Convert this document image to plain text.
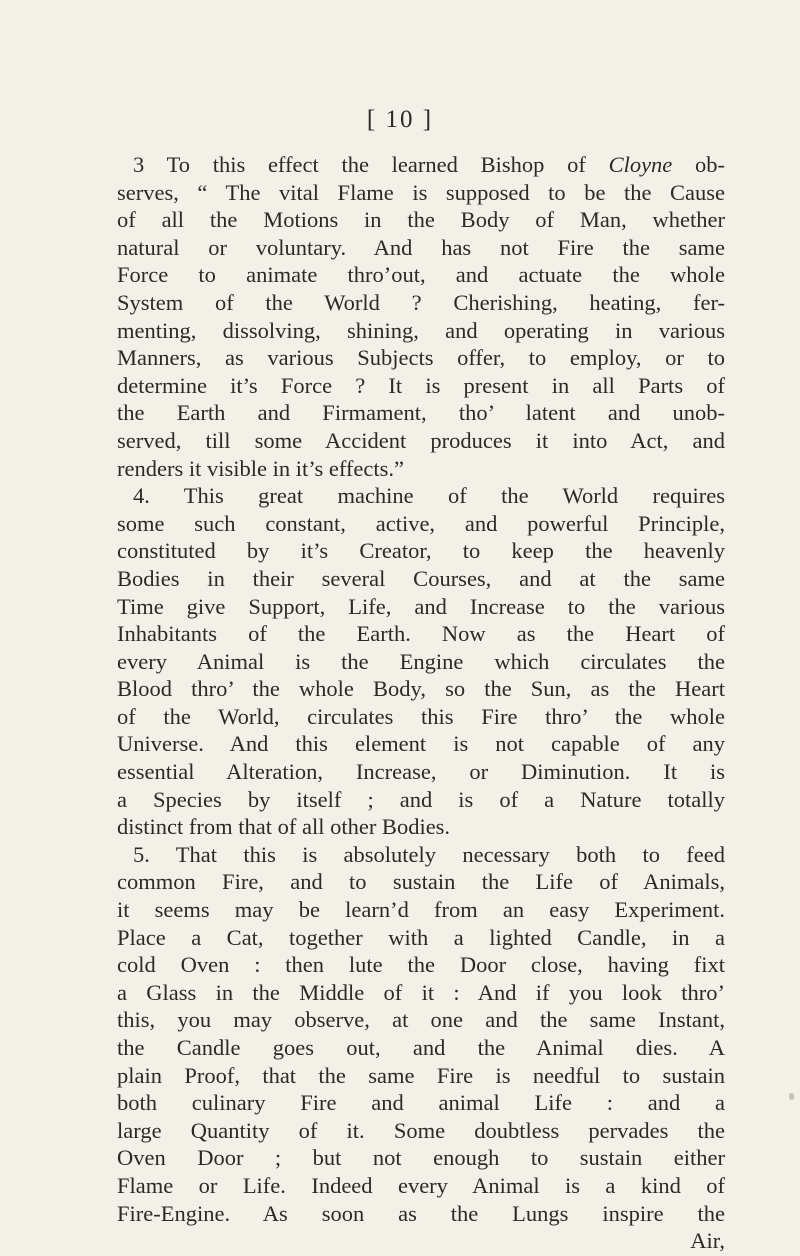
[ 10 ]
3 To this effect the learned Bishop of Cloyne ob-
serves, “ The vital Flame is supposed to be the Cause
of all the Motions in the Body of Man, whether
natural or voluntary. And has not Fire the same
Force to animate thro’out, and actuate the whole
System of the World ? Cherishing, heating, fer-
menting, dissolving, shining, and operating in various
Manners, as various Subjects offer, to employ, or to
determine it’s Force ? It is present in all Parts of
the Earth and Firmament, tho’ latent and unob-
served, till some Accident produces it into Act, and
renders it visible in it’s effects.”
4. This great machine of the World requires
some such constant, active, and powerful Principle,
constituted by it’s Creator, to keep the heavenly
Bodies in their several Courses, and at the same
Time give Support, Life, and Increase to the various
Inhabitants of the Earth. Now as the Heart of
every Animal is the Engine which circulates the
Blood thro’ the whole Body, so the Sun, as the Heart
of the World, circulates this Fire thro’ the whole
Universe. And this element is not capable of any
essential Alteration, Increase, or Diminution. It is
a Species by itself ; and is of a Nature totally
distinct from that of all other Bodies.
5. That this is absolutely necessary both to feed
common Fire, and to sustain the Life of Animals,
it seems may be learn’d from an easy Experiment.
Place a Cat, together with a lighted Candle, in a
cold Oven : then lute the Door close, having fixt
a Glass in the Middle of it : And if you look thro’
this, you may observe, at one and the same Instant,
the Candle goes out, and the Animal dies. A
plain Proof, that the same Fire is needful to sustain
both culinary Fire and animal Life : and a
large Quantity of it. Some doubtless pervades the
Oven Door ; but not enough to sustain either
Flame or Life. Indeed every Animal is a kind of
Fire-Engine. As soon as the Lungs inspire the
Air,
